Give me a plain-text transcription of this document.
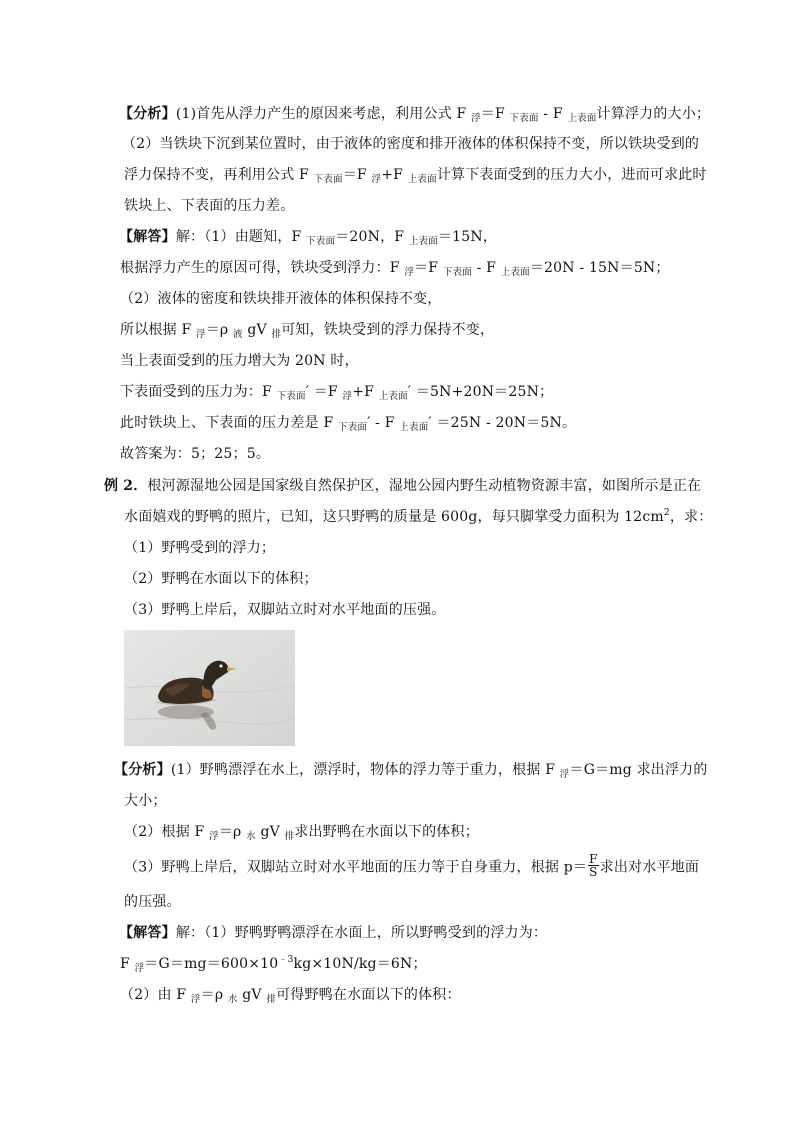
【分析】(1)首先从浮力产生的原因来考虑，利用公式 F $_浮$＝F $_{下表面}$ - F $_{上表面}$计算浮力的大小；
（2）当铁块下沉到某位置时，由于液体的密度和排开液体的体积保持不变，所以铁块受到的
浮力保持不变，再利用公式 F $_{下表面}$＝F $_浮$+F $_{上表面}$计算下表面受到的压力大小，进而可求此时
铁块上、下表面的压力差。
【解答】解：（1）由题知，F $_{下表面}$＝20N，F $_{上表面}$＝15N，
根据浮力产生的原因可得，铁块受到浮力：F $_浮$＝F $_{下表面}$ - F $_{上表面}$＝20N - 15N＝5N；
（2）液体的密度和铁块排开液体的体积保持不变，
所以根据 F $_浮$＝ρ $_液$ gV $_排$可知，铁块受到的浮力保持不变，
当上表面受到的压力增大为 20N 时，
下表面受到的压力为：F $_{下表面}$′ ＝F $_浮$+F $_{上表面}$′ ＝5N+20N＝25N；
此时铁块上、下表面的压力差是 F $_{下表面}$′ - F $_{上表面}$′ ＝25N - 20N＝5N。
故答案为：5；25；5。
例 2．根河源湿地公园是国家级自然保护区，湿地公园内野生动植物资源丰富，如图所示是正在
水面嬉戏的野鸭的照片，已知，这只野鸭的质量是 600g，每只脚掌受力面积为 $12cm^2$，求：
（1）野鸭受到的浮力；
（2）野鸭在水面以下的体积；
（3）野鸭上岸后，双脚站立时对水平地面的压强。
【分析】(1）野鸭漂浮在水上，漂浮时，物体的浮力等于重力，根据 F $_浮$＝G＝mg 求出浮力的
大小；
（2）根据 F $_浮$＝ρ $_水$ gV $_排$求出野鸭在水面以下的体积；
（3）野鸭上岸后，双脚站立时对水平地面的压力等于自身重力，根据 $p= \frac{F}{S}$ 求出对水平地面
的压强。
【解答】解：（1）野鸭野鸭漂浮在水面上，所以野鸭受到的浮力为：
F $_浮=G=mg=600\times 10^{﹣3}kg\times 10N/kg=6N$；
（2）由 F $_浮$＝ρ $_水$ gV $_排$可得野鸭在水面以下的体积：
